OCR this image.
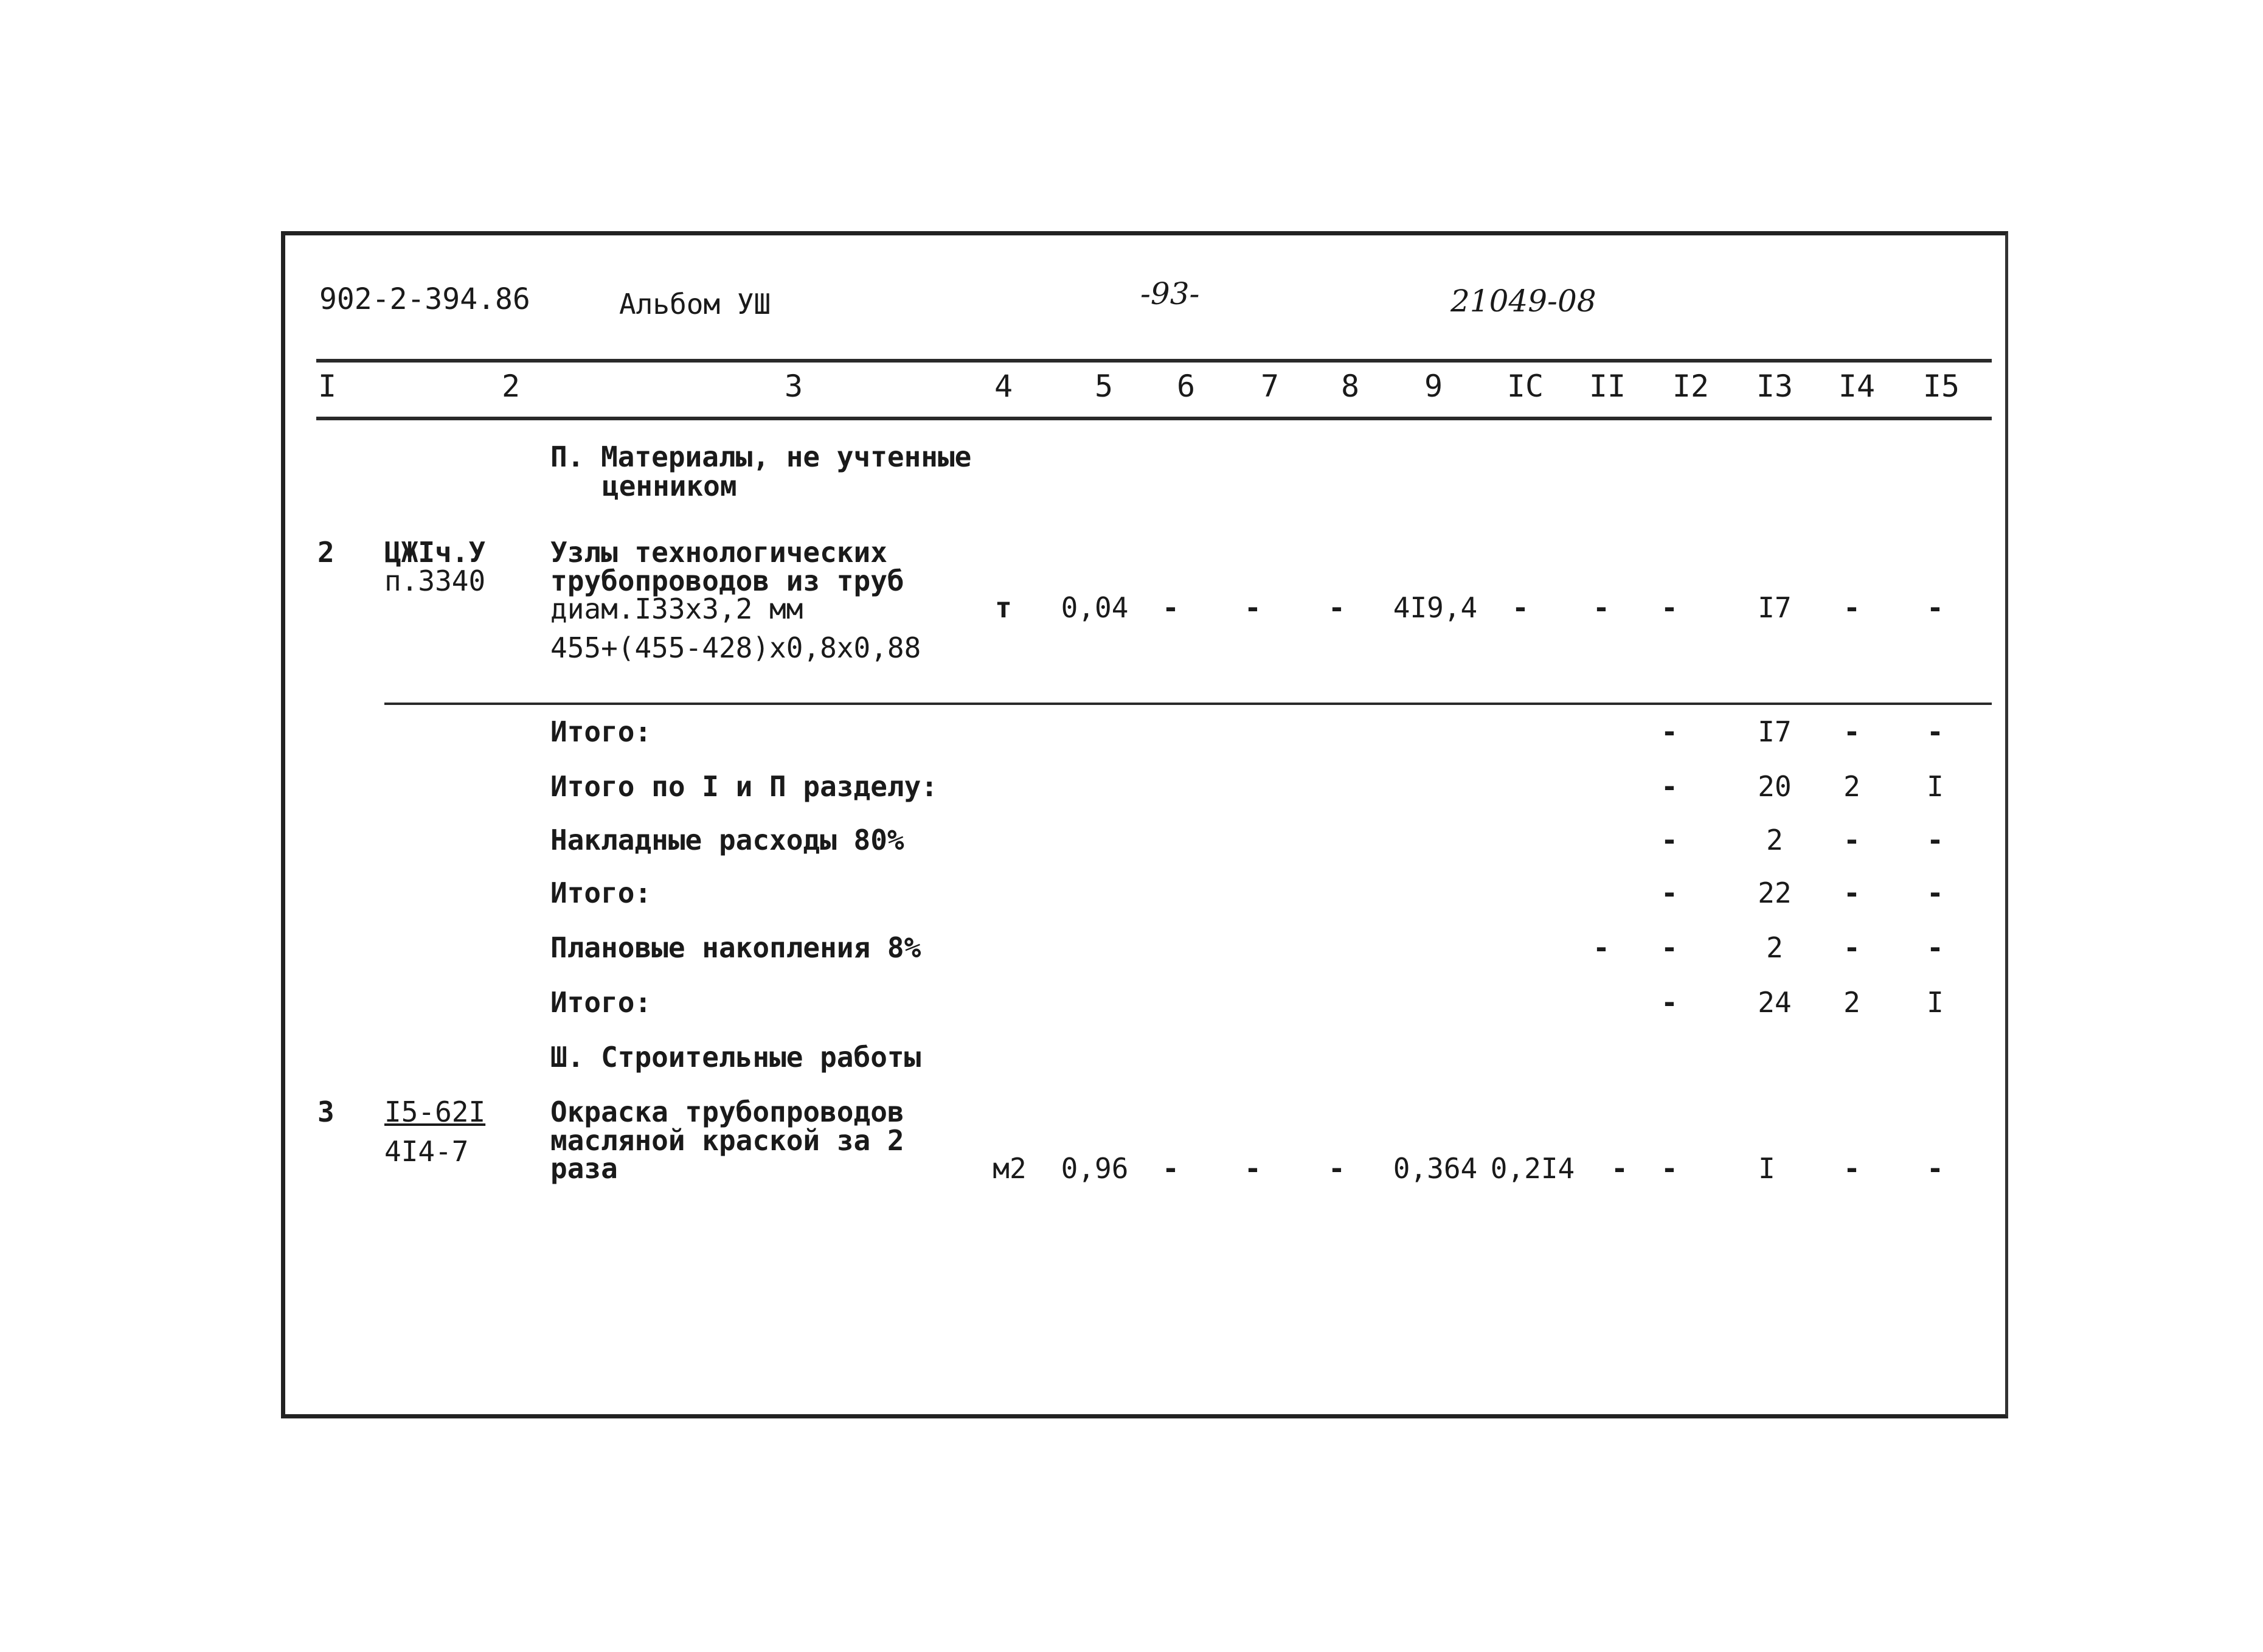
902-2-394.86	Альбом УШ	-93-	21049-08
I	2	3	4	5 6 7 8 9 IC II I2 I3 I4 I5
П. Материалы, не учтенные
ценником
2 ЦЖIч.У
п.3340
Узлы технологических
трубопроводов из труб
диам.I33х3,2 мм
455+(455-428)х0,8х0,88
т 0,04 - - - 4I9,4 - - -	I7 - -
Итого:	-	I7 - -
Итого по I и П разделу:	-	20 2 I
Накладные расходы 80%	-	2 - -
Итого:	-	22 - -
Плановые накопления 8%	- -	2 - -
Итого:	-	24 2 I
Ш. Строительные работы
3 I5-62I
4I4-7
Окраска трубопроводов
масляной краской за 2
раза	м2 0,96 - - - 0,364 0,2I4 - -	I - -
